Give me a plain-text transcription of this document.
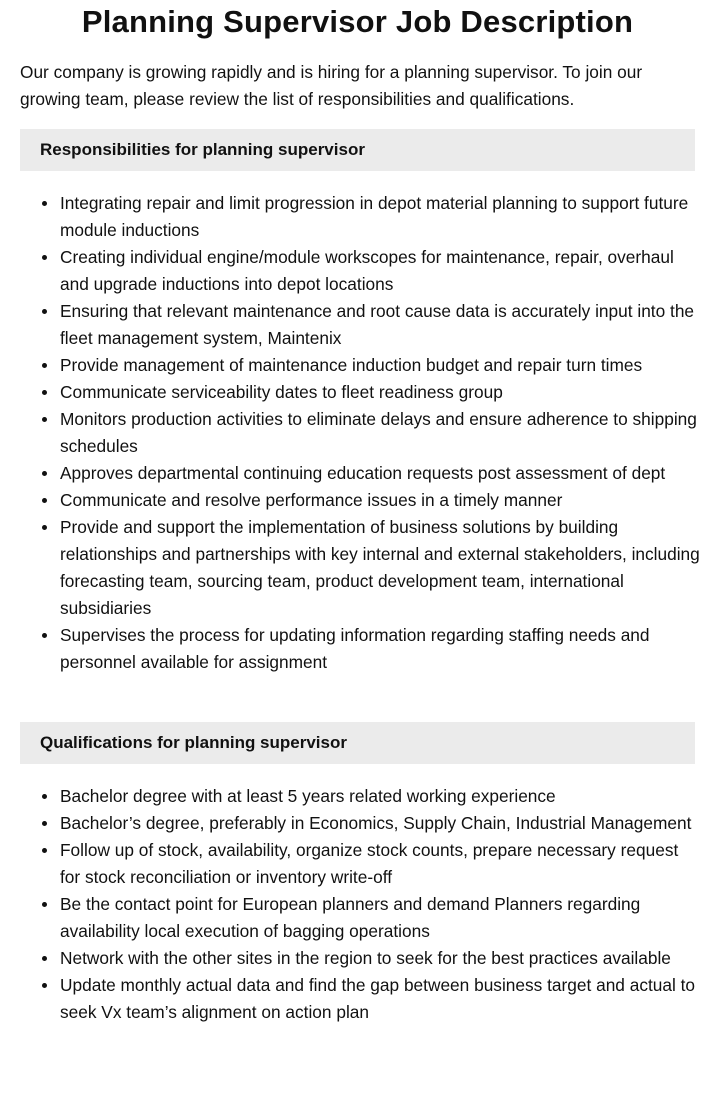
Planning Supervisor Job Description

Our company is growing rapidly and is hiring for a planning supervisor. To join our growing team, please review the list of responsibilities and qualifications.

Responsibilities for planning supervisor
Integrating repair and limit progression in depot material planning to support future module inductions
Creating individual engine/module workscopes for maintenance, repair, overhaul and upgrade inductions into depot locations
Ensuring that relevant maintenance and root cause data is accurately input into the fleet management system, Maintenix
Provide management of maintenance induction budget and repair turn times
Communicate serviceability dates to fleet readiness group
Monitors production activities to eliminate delays and ensure adherence to shipping schedules
Approves departmental continuing education requests post assessment of dept
Communicate and resolve performance issues in a timely manner
Provide and support the implementation of business solutions by building relationships and partnerships with key internal and external stakeholders, including forecasting team, sourcing team, product development team, international subsidiaries
Supervises the process for updating information regarding staffing needs and personnel available for assignment
Qualifications for planning supervisor
Bachelor degree with at least 5 years related working experience
Bachelor’s degree, preferably in Economics, Supply Chain, Industrial Management
Follow up of stock, availability, organize stock counts, prepare necessary request for stock reconciliation or inventory write-off
Be the contact point for European planners and demand Planners regarding availability local execution of bagging operations
Network with the other sites in the region to seek for the best practices available
Update monthly actual data and find the gap between business target and actual to seek Vx team’s alignment on action plan
